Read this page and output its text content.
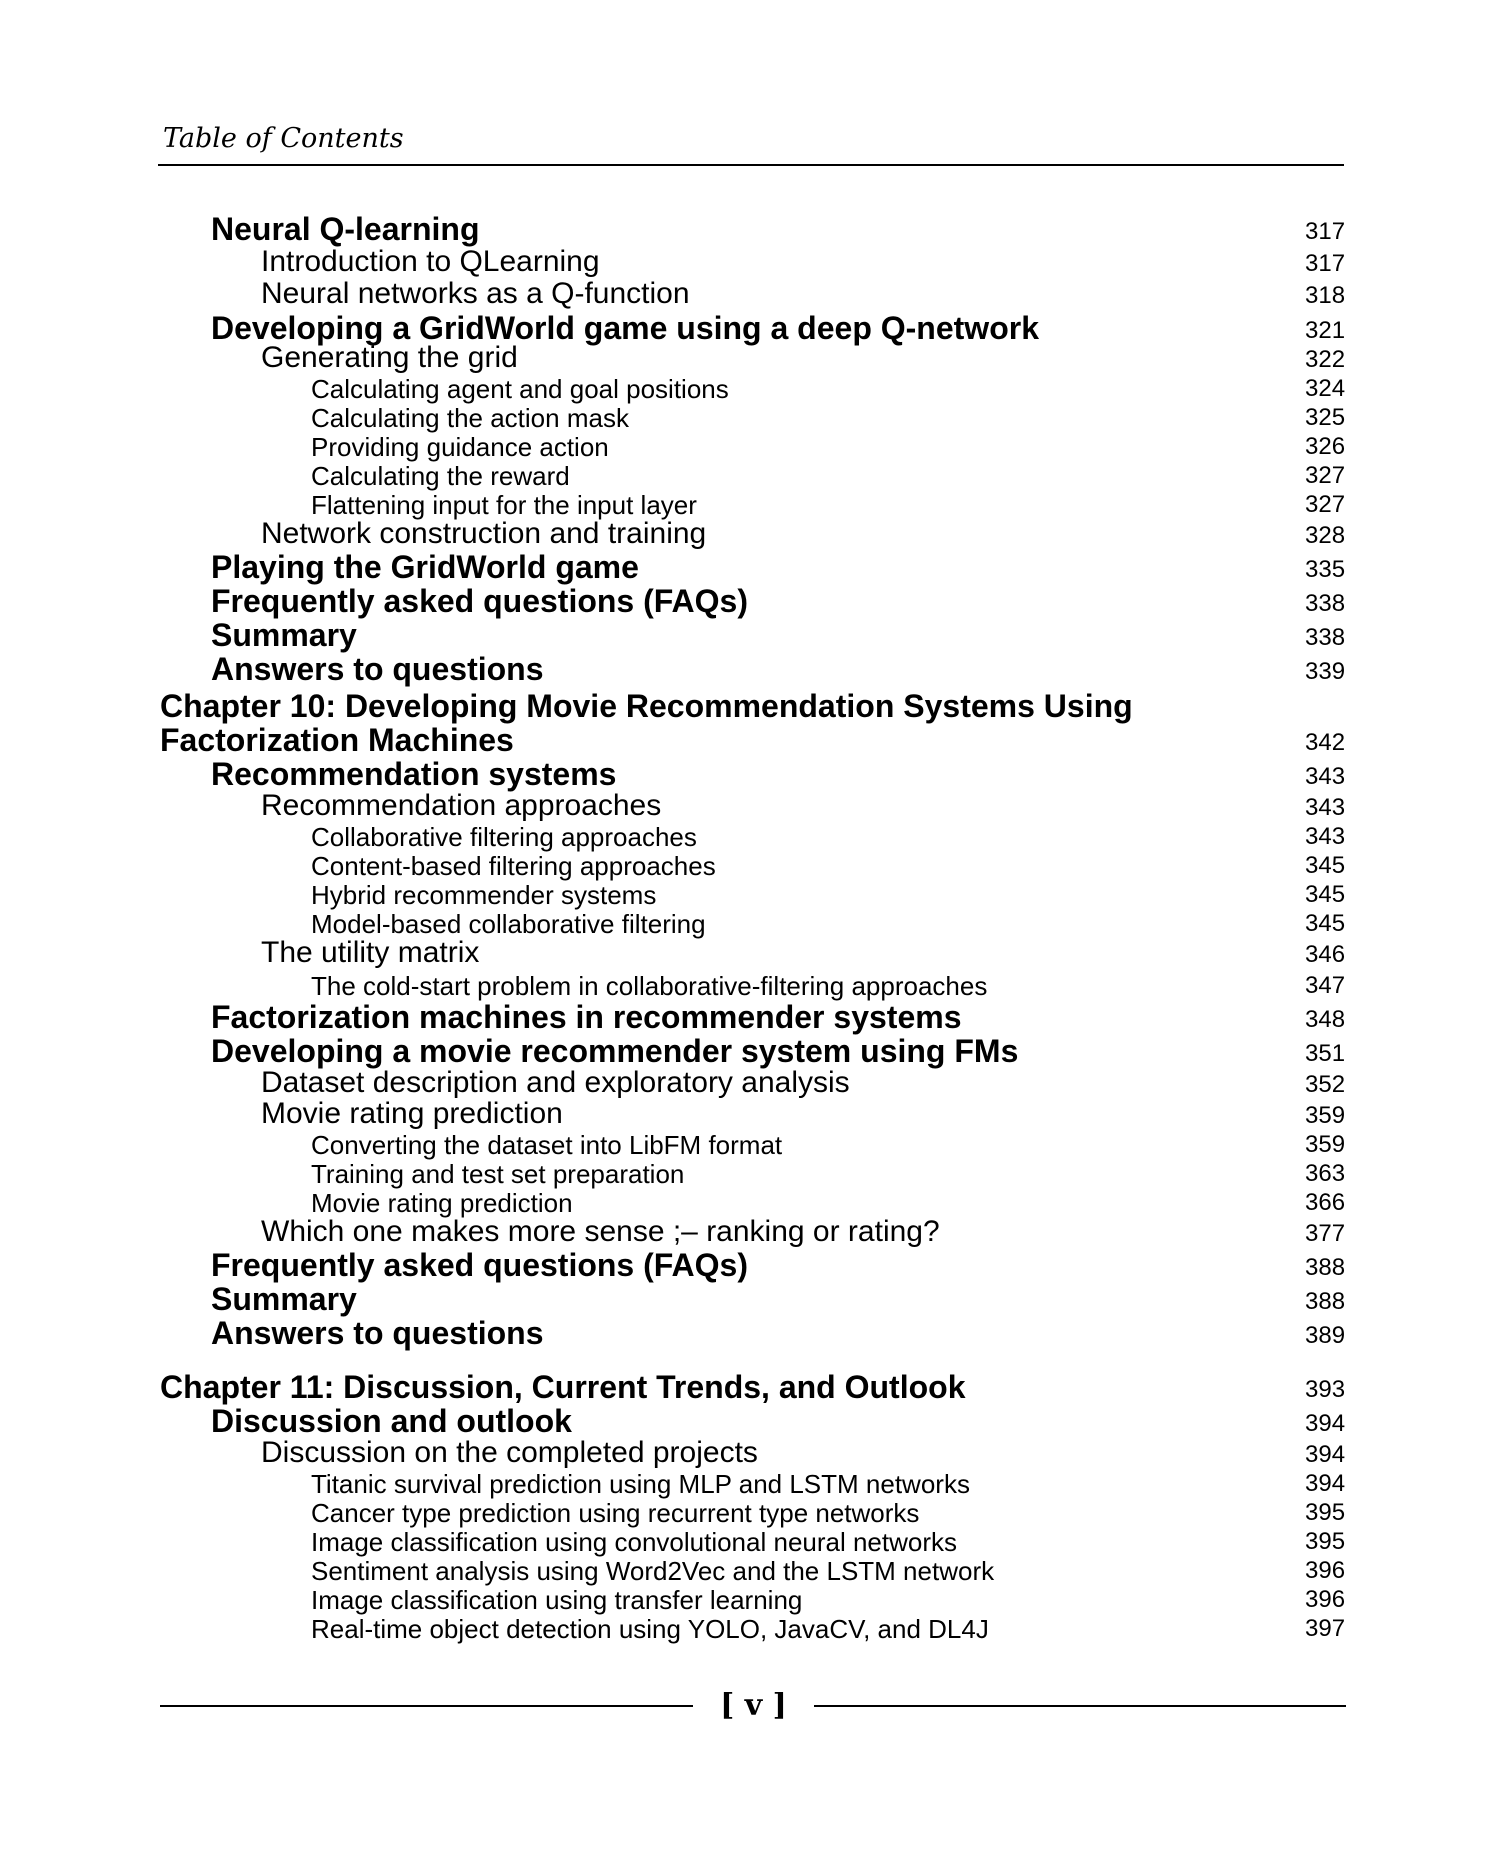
Table of Contents
Neural Q-learning	317
Introduction to QLearning	317
Neural networks as a Q-function	318
Developing a GridWorld game using a deep Q-network	321
Generating the grid	322
Calculating agent and goal positions	324
Calculating the action mask	325
Providing guidance action	326
Calculating the reward	327
Flattening input for the input layer	327
Network construction and training	328
Playing the GridWorld game	335
Frequently asked questions (FAQs)	338
Summary	338
Answers to questions	339
Chapter 10: Developing Movie Recommendation Systems Using Factorization Machines	342
Recommendation systems	343
Recommendation approaches	343
Collaborative filtering approaches	343
Content-based filtering approaches	345
Hybrid recommender systems	345
Model-based collaborative filtering	345
The utility matrix	346
The cold-start problem in collaborative-filtering approaches	347
Factorization machines in recommender systems	348
Developing a movie recommender system using FMs	351
Dataset description and exploratory analysis	352
Movie rating prediction	359
Converting the dataset into LibFM format	359
Training and test set preparation	363
Movie rating prediction	366
Which one makes more sense ;– ranking or rating?	377
Frequently asked questions (FAQs)	388
Summary	388
Answers to questions	389
Chapter 11: Discussion, Current Trends, and Outlook	393
Discussion and outlook	394
Discussion on the completed projects	394
Titanic survival prediction using MLP and LSTM networks	394
Cancer type prediction using recurrent type networks	395
Image classification using convolutional neural networks	395
Sentiment analysis using Word2Vec and the LSTM network	396
Image classification using transfer learning	396
Real-time object detection using YOLO, JavaCV, and DL4J	397
[ v ]
